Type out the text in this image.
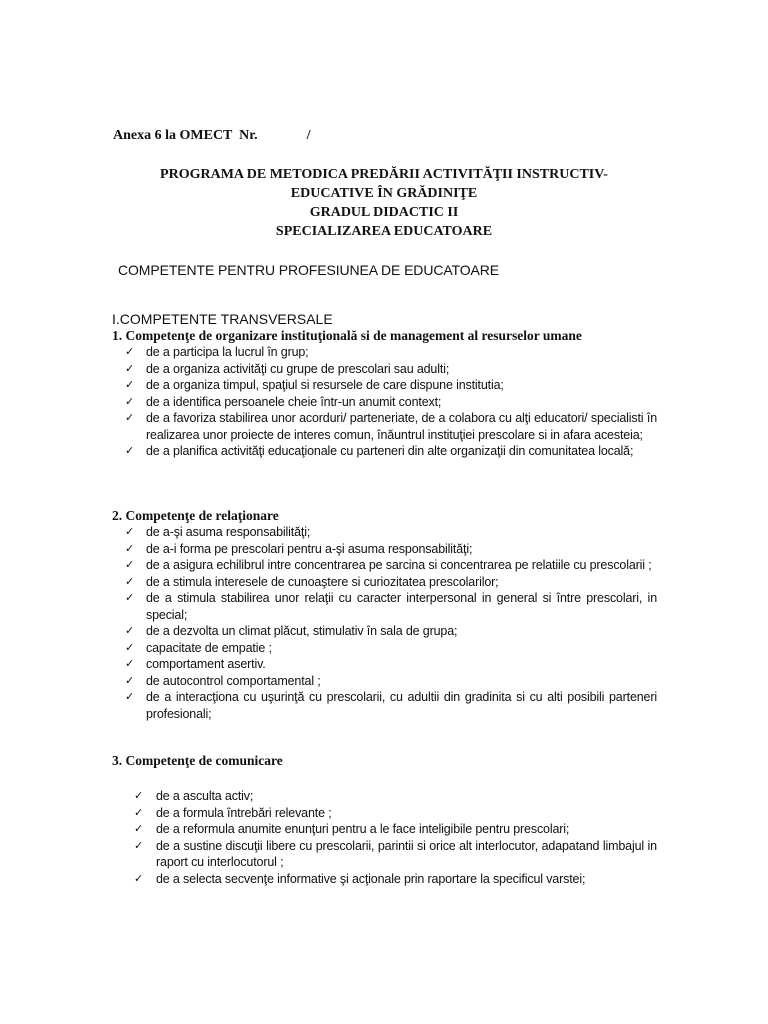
Anexa 6 la OMECT  Nr.              /
PROGRAMA DE METODICA PREDĂRII ACTIVITĂŢII INSTRUCTIV-
EDUCATIVE ÎN GRĂDINIŢE
GRADUL DIDACTIC II
SPECIALIZAREA EDUCATOARE
COMPETENTE PENTRU PROFESIUNEA DE EDUCATOARE
I.COMPETENTE TRANSVERSALE
1. Competenţe de organizare instituţională si de management al resurselor umane
✓ de a participa la lucrul în grup;
✓ de a organiza activităţi cu grupe de prescolari sau adulti;
✓ de a organiza timpul, spaţiul si resursele de care dispune institutia;
✓ de a identifica persoanele cheie într-un anumit context;
✓ de a favoriza stabilirea unor acorduri/ parteneriate, de a colabora cu alţi educatori/ specialisti în realizarea unor proiecte de interes comun, înăuntrul instituţiei prescolare si in afara acesteia;
✓ de a planifica activităţi educaţionale cu parteneri din alte organizaţii din comunitatea locală;
2. Competenţe de relaţionare
✓ de a-şi asuma responsabilităţi;
✓ de a-i forma pe prescolari pentru a-şi asuma responsabilităţi;
✓ de a asigura echilibrul intre concentrarea pe sarcina si concentrarea pe relatiile cu prescolarii ;
✓ de a stimula interesele de cunoaştere si curiozitatea prescolarilor;
✓ de a stimula stabilirea unor relaţii cu caracter interpersonal in general si între prescolari, in special;
✓ de a dezvolta un climat plăcut, stimulativ în sala de grupa;
✓ capacitate de empatie ;
✓ comportament asertiv.
✓ de autocontrol comportamental ;
✓ de a interacţiona cu uşurinţă cu prescolarii, cu adultii din gradinita si cu alti posibili parteneri profesionali;
3. Competenţe de comunicare
✓ de a asculta activ;
✓ de a formula întrebări relevante ;
✓ de a reformula anumite enunţuri pentru a le face inteligibile pentru prescolari;
✓ de a sustine discuţii libere cu prescolarii, parintii si orice alt interlocutor, adapatand limbajul in raport cu interlocutorul ;
✓ de a selecta secvenţe informative şi acţionale prin raportare la specificul varstei;
